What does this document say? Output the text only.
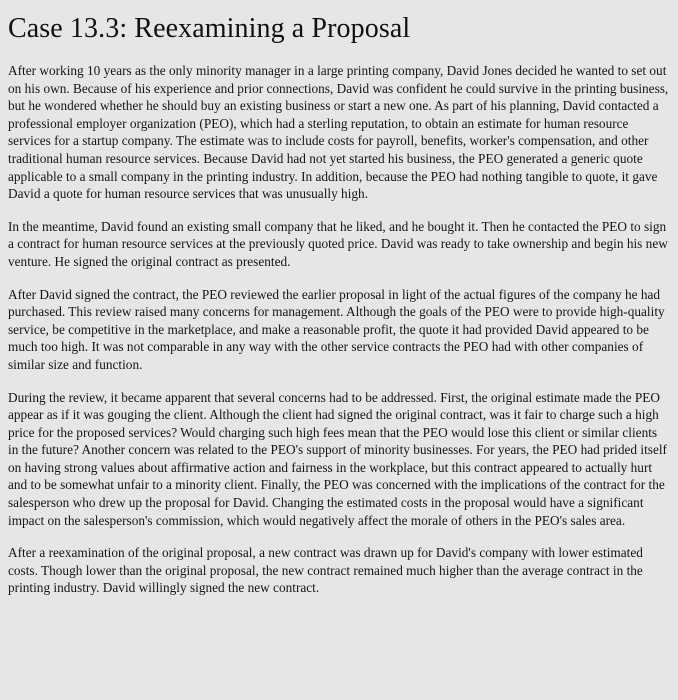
Case 13.3: Reexamining a Proposal

After working 10 years as the only minority manager in a large printing company, David Jones decided he wanted to set out on his own. Because of his experience and prior connections, David was confident he could survive in the printing business, but he wondered whether he should buy an existing business or start a new one. As part of his planning, David contacted a professional employer organization (PEO), which had a sterling reputation, to obtain an estimate for human resource services for a startup company. The estimate was to include costs for payroll, benefits, worker's compensation, and other traditional human resource services. Because David had not yet started his business, the PEO generated a generic quote applicable to a small company in the printing industry. In addition, because the PEO had nothing tangible to quote, it gave David a quote for human resource services that was unusually high.

In the meantime, David found an existing small company that he liked, and he bought it. Then he contacted the PEO to sign a contract for human resource services at the previously quoted price. David was ready to take ownership and begin his new venture. He signed the original contract as presented.

After David signed the contract, the PEO reviewed the earlier proposal in light of the actual figures of the company he had purchased. This review raised many concerns for management. Although the goals of the PEO were to provide high-quality service, be competitive in the marketplace, and make a reasonable profit, the quote it had provided David appeared to be much too high. It was not comparable in any way with the other service contracts the PEO had with other companies of similar size and function.

During the review, it became apparent that several concerns had to be addressed. First, the original estimate made the PEO appear as if it was gouging the client. Although the client had signed the original contract, was it fair to charge such a high price for the proposed services? Would charging such high fees mean that the PEO would lose this client or similar clients in the future? Another concern was related to the PEO's support of minority businesses. For years, the PEO had prided itself on having strong values about affirmative action and fairness in the workplace, but this contract appeared to actually hurt and to be somewhat unfair to a minority client. Finally, the PEO was concerned with the implications of the contract for the salesperson who drew up the proposal for David. Changing the estimated costs in the proposal would have a significant impact on the salesperson's commission, which would negatively affect the morale of others in the PEO's sales area.

After a reexamination of the original proposal, a new contract was drawn up for David's company with lower estimated costs. Though lower than the original proposal, the new contract remained much higher than the average contract in the printing industry. David willingly signed the new contract.
